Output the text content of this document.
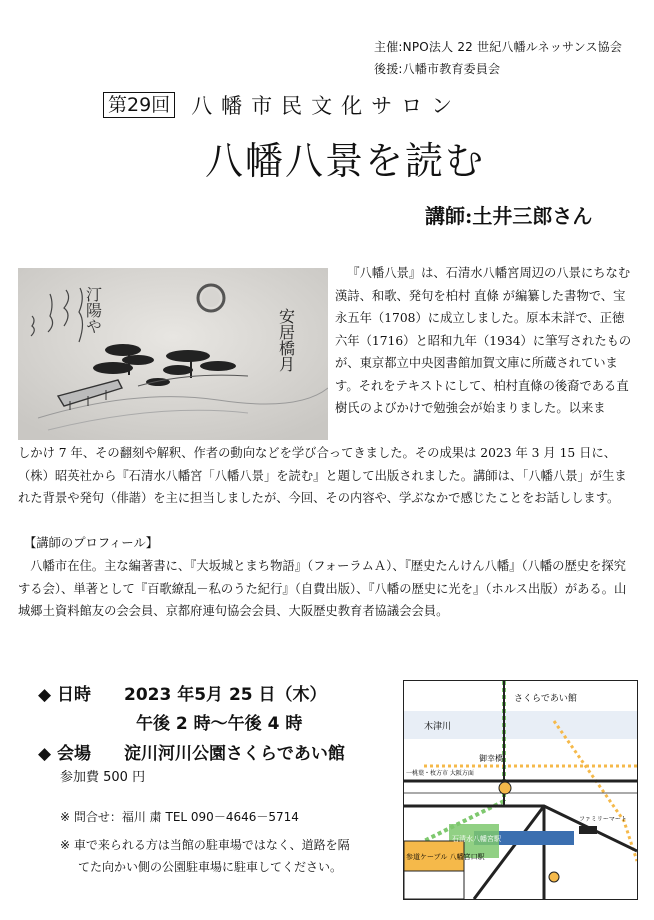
主催:NPO法人 22 世紀八幡ルネッサンス協会
後援:八幡市教育委員会
第29回 八幡市民文化サロン
八幡八景を読む
講師:土井三郎さん
汀陽や	安居橋月
『八幡八景』は、石清水八幡宮周辺の八景にちなむ漢詩、和歌、発句を柏村 直條 が編纂した書物で、宝永五年（1708）に成立しました。原本未詳で、正徳六年（1716）と昭和九年（1934）に筆写されたものが、東京都立中央図書館加賀文庫に所蔵されています。それをテキストにして、柏村直條の後裔である直樹氏のよびかけで勉強会が始まりました。以来ま
しかけ 7 年、その翻刻や解釈、作者の動向などを学び合ってきました。その成果は 2023 年 3 月 15 日に、（株）昭英社から『石清水八幡宮「八幡八景」を読む』と題して出版されました。講師は、「八幡八景」が生まれた背景や発句（俳諧）を主に担当しましたが、今回、その内容や、学ぶなかで感じたことをお話しします。
【講師のプロフィール】
八幡市在住。主な編著書に、『大坂城とまち物語』（フォーラムＡ）、『歴史たんけん八幡』（八幡の歴史を探究する会）、単著として『百歌繚乱－私のうた紀行』（自費出版）、『八幡の歴史に光を』（ホルス出版）がある。山城郷土資料館友の会会員、京都府連句協会会員、大阪歴史教育者協議会会員。
◆ 日時 2023 年5月 25 日（木）
午後 2 時～午後 4 時
◆ 会場 淀川河川公園さくらであい館
参加費 500 円
※ 問合せ：福川 粛 TEL 090－4646－5714
※ 車で来られる方は当館の駐車場ではなく、道路を隔
てた向かい側の公園駐車場に駐車してください。
さくらであい館
木津川
御幸橋
一桃葉・枚方市 大阪方面
石清水八幡宮駅
参道ケーブル 八幡宮口駅
ファミリーマート
